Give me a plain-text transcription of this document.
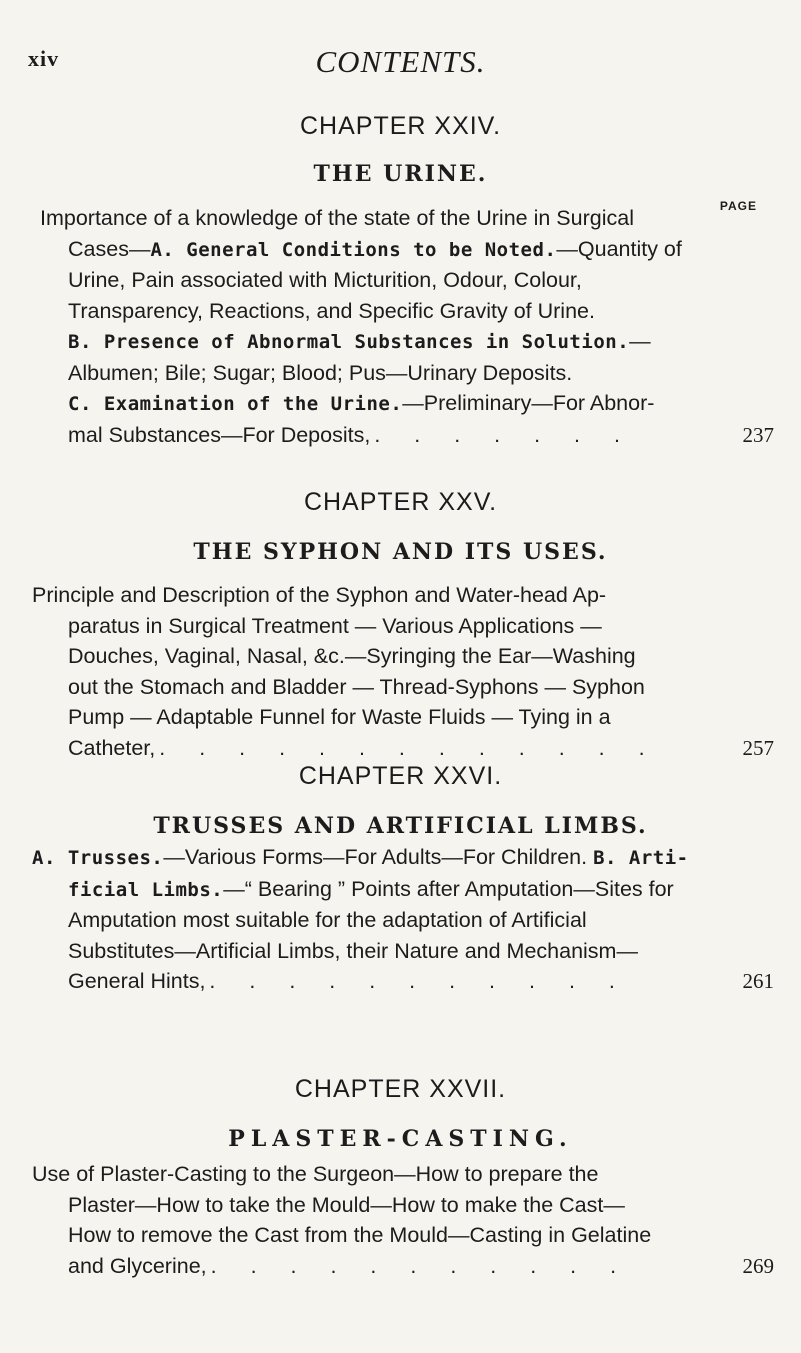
xiv	CONTENTS.

CHAPTER XXIV.

THE URINE.

PAGE
Importance of a knowledge of the state of the Urine in Surgical
Cases—A. General Conditions to be Noted.—Quantity of
Urine, Pain associated with Micturition, Odour, Colour,
Transparency, Reactions, and Specific Gravity of Urine.
B. Presence of Abnormal Substances in Solution.—
Albumen; Bile; Sugar; Blood; Pus—Urinary Deposits.
C. Examination of the Urine.—Preliminary—For Abnor-
mal Substances—For Deposits, . . . . . . .	237

CHAPTER XXV.

THE SYPHON AND ITS USES.

Principle and Description of the Syphon and Water-head Ap-
paratus in Surgical Treatment — Various Applications —
Douches, Vaginal, Nasal, &c.—Syringing the Ear—Washing
out the Stomach and Bladder — Thread-Syphons — Syphon
Pump — Adaptable Funnel for Waste Fluids — Tying in a
Catheter, . . . . . . . . . . . . .	257

CHAPTER XXVI.

TRUSSES AND ARTIFICIAL LIMBS.

A. Trusses.—Various Forms—For Adults—For Children. B. Arti-
ficial Limbs.—“ Bearing ” Points after Amputation—Sites for
Amputation most suitable for the adaptation of Artificial
Substitutes—Artificial Limbs, their Nature and Mechanism—
General Hints, . . . . . . . . . . .	261

CHAPTER XXVII.

PLASTER-CASTING.

Use of Plaster-Casting to the Surgeon—How to prepare the
Plaster—How to take the Mould—How to make the Cast—
How to remove the Cast from the Mould—Casting in Gelatine
and Glycerine, . . . . . . . . . . .	269
